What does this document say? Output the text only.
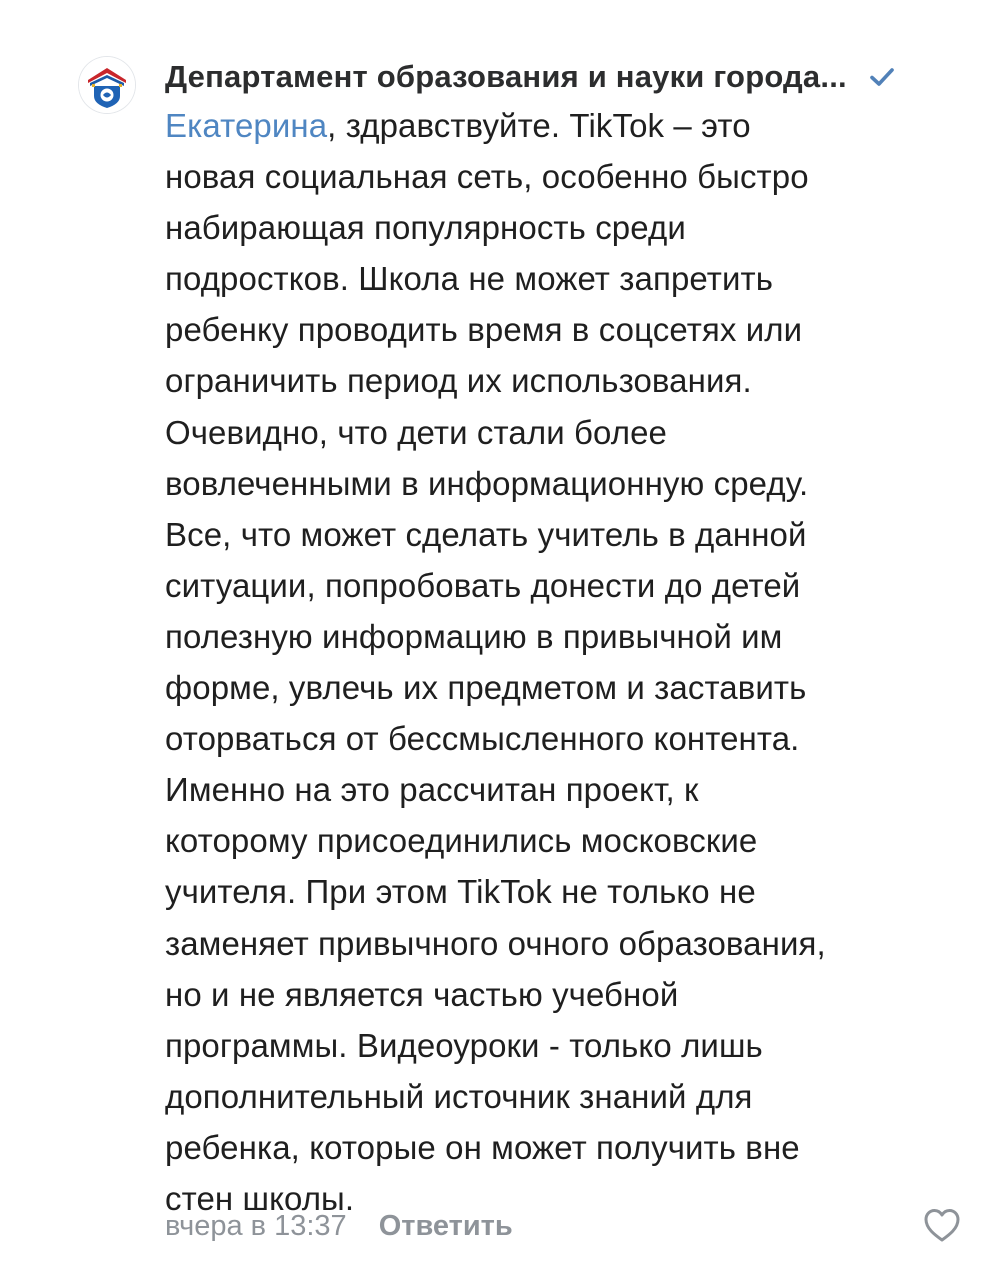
Департамент образования и науки города...
Екатерина, здравствуйте. TikTok – это
новая социальная сеть, особенно быстро
набирающая популярность среди
подростков. Школа не может запретить
ребенку проводить время в соцсетях или
ограничить период их использования.
Очевидно, что дети стали более
вовлеченными в информационную среду.
Все, что может сделать учитель в данной
ситуации, попробовать донести до детей
полезную информацию в привычной им
форме, увлечь их предметом и заставить
оторваться от бессмысленного контента.
Именно на это рассчитан проект, к
которому присоединились московские
учителя. При этом TikTok не только не
заменяет привычного очного образования,
но и не является частью учебной
программы. Видеоуроки - только лишь
дополнительный источник знаний для
ребенка, которые он может получить вне
стен школы.
вчера в 13:37 Ответить
